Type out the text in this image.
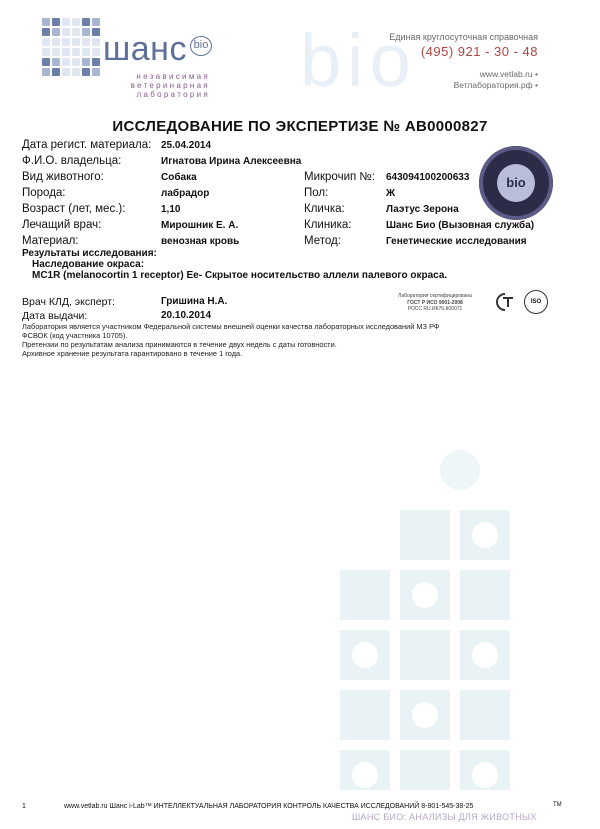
шанс bio
независимая
ветеринарная
лаборатория bio
Единая круглосуточная справочная
(495) 921 - 30 - 48
www.vetlab.ru •
Ветлаборатория.рф •
ИССЛЕДОВАНИЕ ПО ЭКСПЕРТИЗЕ № АВ0000827
Дата регист. материала: 25.04.2014
Ф.И.О. владельца:	Игнатова Ирина Алексеевна
Вид животного:	Собака	Микрочип №: 643094100200633
Порода:	лабрадор	Пол:	Ж
Возраст (лет, мес.):	1,10	Кличка:	Лаэтус Зерона
Лечащий врач:	Мирошник Е. А.	Клиника:	Шанс Био (Вызовная служба)
Материал:	венозная кровь	Метод:	Генетические исследования
bio
Результаты исследования:
Наследование окраса:
MC1R (melanocortin 1 receptor) Ее- Скрытое носительство аллели палевого окраса.
Врач КЛД, эксперт:	Гришина Н.А.
Дата выдачи:	20.10.2014
Лаборатория сертифицирована
ГОСТ Р ИСО 9001-2008
РОСС RU.ИК76.К00071
ISO
Лаборатория является участником Федеральной системы внешней оценки качества лабораторных исследований МЗ РФ
ФСВОК (код участника 10705).
Претензии по результатам анализа принимаются в течение двух недель с даты готовности.
Архивное хранение результата гарантировано в течение 1 года.
1	www.vetlab.ru Шанс i-Lab™ ИНТЕЛЛЕКТУАЛЬНАЯ ЛАБОРАТОРИЯ КОНТРОЛЬ КАЧЕСТВА ИССЛЕДОВАНИЙ 8-901-545-38-25	TM
ШАНС БИО: АНАЛИЗЫ ДЛЯ ЖИВОТНЫХ
